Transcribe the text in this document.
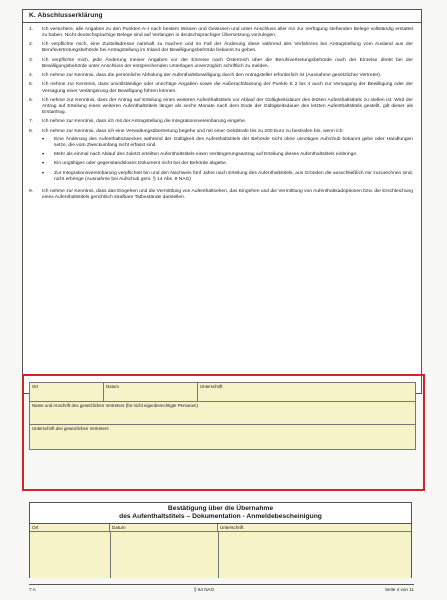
K. Abschlusserklärung
1.	Ich versichere, alle Angaben zu den Punkten A–I nach bestem Wissen und Gewissen und unter Anschluss aller mir zur Verfügung stehenden Belege vollständig erstattet zu haben. Nicht deutschsprachige Belege sind auf Verlangen in deutschsprachiger Übersetzung vorzulegen.
2.	Ich verpflichte mich, eine Zustelladresse namhaft zu machen und im Fall der Änderung diese während des Verfahrens bei Antragstellung vom Ausland aus der Berufsvertretungsbehörde bei Antragstellung im Inland der Bewilligungsbehörde bekannt zu geben.
3.	Ich verpflichte mich, jede Änderung meiner Angaben vor der Einreise nach Österreich über die Berufsvertretungsbehörde nach der Einreise direkt bei der Bewilligungsbehörde unter Anschluss der entsprechenden Unterlagen unverzüglich schriftlich zu melden.
4.	Ich nehme zur Kenntnis, dass die persönliche Abholung der Aufenthaltsbewilligung durch den Antragsteller erforderlich ist (Ausnahme gesetzlicher Vertreter).
5.	Ich nehme zur Kenntnis, dass unvollständige oder unrichtige Angaben sowie die Außerachtlassung der Punkte K 2 bis 4 auch zur Versagung der Bewilligung oder der Versagung einer Verlängerung der Bewilligung führen können.
6.	Ich nehme zur Kenntnis, dass der Antrag auf Erteilung eines weiteren Aufenthaltstitels vor Ablauf der Gültigkeitsdauer des letzten Aufenthaltstitels zu stellen ist. Wird der Antrag auf Erteilung eines weiteren Aufenthaltstitels länger als sechs Monate nach dem Ende der Gültigkeitsdauer des letzten Aufenthaltstitels gestellt, gilt dieser als Erstantrag.
7.	Ich nehme zur Kenntnis, dass ich mit der Antragstellung die Integrationsvereinbarung eingehe.
8.	Ich nehme zur Kenntnis, dass ich eine Verwaltungsübertretung begehe und mit einer Geldstrafe bis zu 200 Euro zu bestrafen bin, wenn ich:
•	Eine Änderung des Aufenthaltszweckes während der Gültigkeit des Aufenthaltstitels der Behörde nicht ohne unnötigen Aufschub bekannt gebe oder Handlungen setze, die vom Zweckumfang nicht erfasst sind.
•	Mehr als einmal nach Ablauf des zuletzt erteilten Aufenthaltstitels einen Verlängerungsantrag auf Erteilung dieses Aufenthaltstitels einbringe.
•	Ein ungültiges oder gegenstandsloses Dokument nicht bei der Behörde abgebe.
•	Zur Integrationsvereinbarung verpflichtet bin und den Nachweis fünf Jahre nach Erteilung des Aufenthaltstitels, aus Gründen die ausschließlich mir zuzurechnen sind, nicht erbringe (Ausnahme bei Aufschub gem. § 14 Abs. 8 NAG)
9.	Ich nehme zur Kenntnis, dass das Eingehen und die Vermittlung von Aufenthaltsehen, das Eingehen und die Vermittlung von Aufenthaltsadoptionen bzw. die Erschleichung eines Aufenthaltstitels gerichtlich strafbare Tatbestände darstellen.
Ort	Datum	Unterschrift
Name und Anschrift des gesetzlichen Vertreters (für nicht eigenberechtigte Personen)
Unterschrift des gesetzlichen Vertreters
Bestätigung über die Übernahme
des Aufenthaltstitels – Dokumentation - Anmeldebescheinigung
Ort	Datum	Unterschrift
7 A	§ 64 NAG	Seite 4 von 11
